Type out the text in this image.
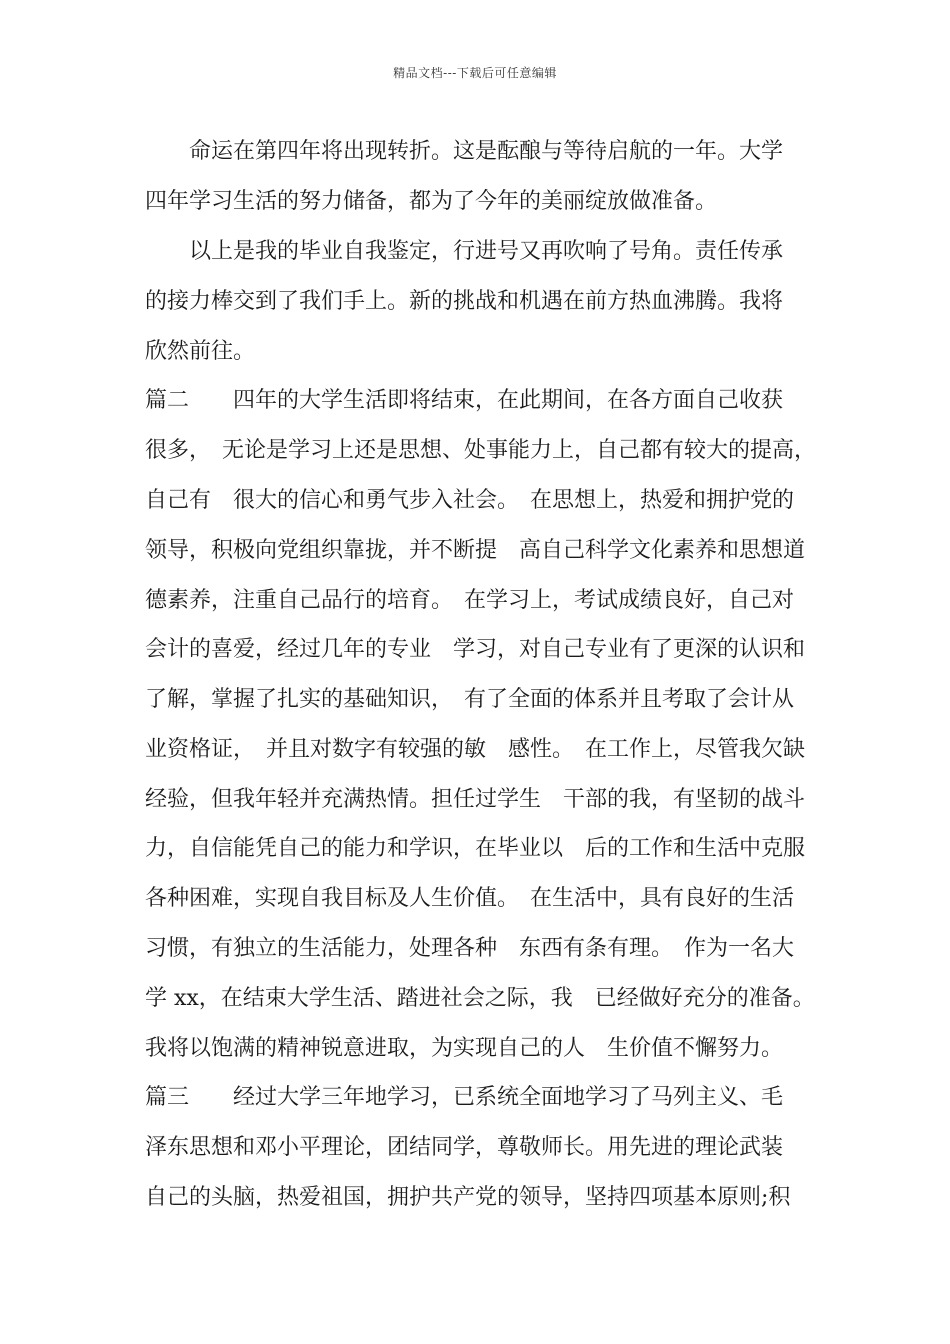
精品文档---下载后可任意编辑
　　命运在第四年将出现转折。这是酝酿与等待启航的一年。大学
四年学习生活的努力储备，都为了今年的美丽绽放做准备。
　　以上是我的毕业自我鉴定，行进号又再吹响了号角。责任传承
的接力棒交到了我们手上。新的挑战和机遇在前方热血沸腾。我将
欣然前往。
篇二　　四年的大学生活即将结束，在此期间，在各方面自己收获
很多，　无论是学习上还是思想、处事能力上，自己都有较大的提高，
自己有　很大的信心和勇气步入社会。　在思想上，热爱和拥护党的
领导，积极向党组织靠拢，并不断提　高自己科学文化素养和思想道
德素养，注重自己品行的培育。　在学习上，考试成绩良好，自己对
会计的喜爱，经过几年的专业　学习，对自己专业有了更深的认识和
了解，掌握了扎实的基础知识，　有了全面的体系并且考取了会计从
业资格证，　并且对数字有较强的敏　感性。　在工作上，尽管我欠缺
经验，但我年轻并充满热情。担任过学生　干部的我，有坚韧的战斗
力，自信能凭自己的能力和学识，在毕业以　后的工作和生活中克服
各种困难，实现自我目标及人生价值。　在生活中，具有良好的生活
习惯，有独立的生活能力，处理各种　东西有条有理。　作为一名大
学 xx，在结束大学生活、踏进社会之际，我　已经做好充分的准备。
我将以饱满的精神锐意进取，为实现自己的人　生价值不懈努力。
篇三　　经过大学三年地学习，已系统全面地学习了马列主义、毛
泽东思想和邓小平理论，团结同学，尊敬师长。用先进的理论武装
自己的头脑，热爱祖国，拥护共产党的领导，坚持四项基本原则;积
